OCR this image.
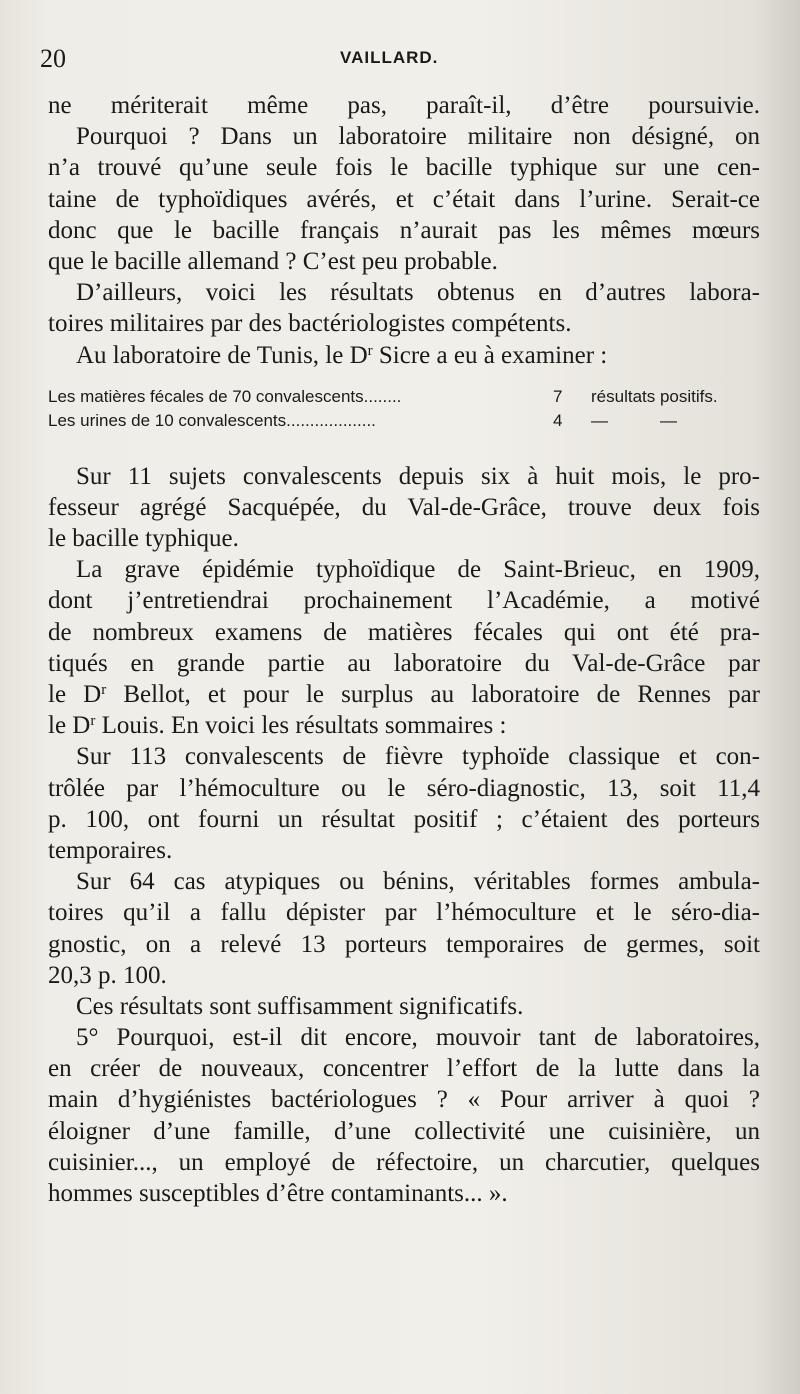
20	VAILLARD.
ne mériterait même pas, paraît-il, d’être poursuivie.
Pourquoi ? Dans un laboratoire militaire non désigné, on
n’a trouvé qu’une seule fois le bacille typhique sur une cen-
taine de typhoïdiques avérés, et c’était dans l’urine. Serait-ce
donc que le bacille français n’aurait pas les mêmes mœurs
que le bacille allemand ? C’est peu probable.
D’ailleurs, voici les résultats obtenus en d’autres labora-
toires militaires par des bactériologistes compétents.
Au laboratoire de Tunis, le $D^r$ Sicre a eu à examiner :
Les matières fécales de 70 convalescents........	7	résultats positifs.
Les urines de 10 convalescents...................	4	—           —
Sur 11 sujets convalescents depuis six à huit mois, le pro-
fesseur agrégé Sacquépée, du Val-de-Grâce, trouve deux fois
le bacille typhique.
La grave épidémie typhoïdique de Saint-Brieuc, en 1909,
dont j’entretiendrai prochainement l’Académie, a motivé
de nombreux examens de matières fécales qui ont été pra-
tiqués en grande partie au laboratoire du Val-de-Grâce par
le $D^r$ Bellot, et pour le surplus au laboratoire de Rennes par
le $D^r$ Louis. En voici les résultats sommaires :
Sur 113 convalescents de fièvre typhoïde classique et con-
trôlée par l’hémoculture ou le séro-diagnostic, 13, soit 11,4
p. 100, ont fourni un résultat positif ; c’étaient des porteurs
temporaires.
Sur 64 cas atypiques ou bénins, véritables formes ambula-
toires qu’il a fallu dépister par l’hémoculture et le séro-dia-
gnostic, on a relevé 13 porteurs temporaires de germes, soit
20,3 p. 100.
Ces résultats sont suffisamment significatifs.
5° Pourquoi, est-il dit encore, mouvoir tant de laboratoires,
en créer de nouveaux, concentrer l’effort de la lutte dans la
main d’hygiénistes bactériologues ? « Pour arriver à quoi ?
éloigner d’une famille, d’une collectivité une cuisinière, un
cuisinier..., un employé de réfectoire, un charcutier, quelques
hommes susceptibles d’être contaminants... ».
